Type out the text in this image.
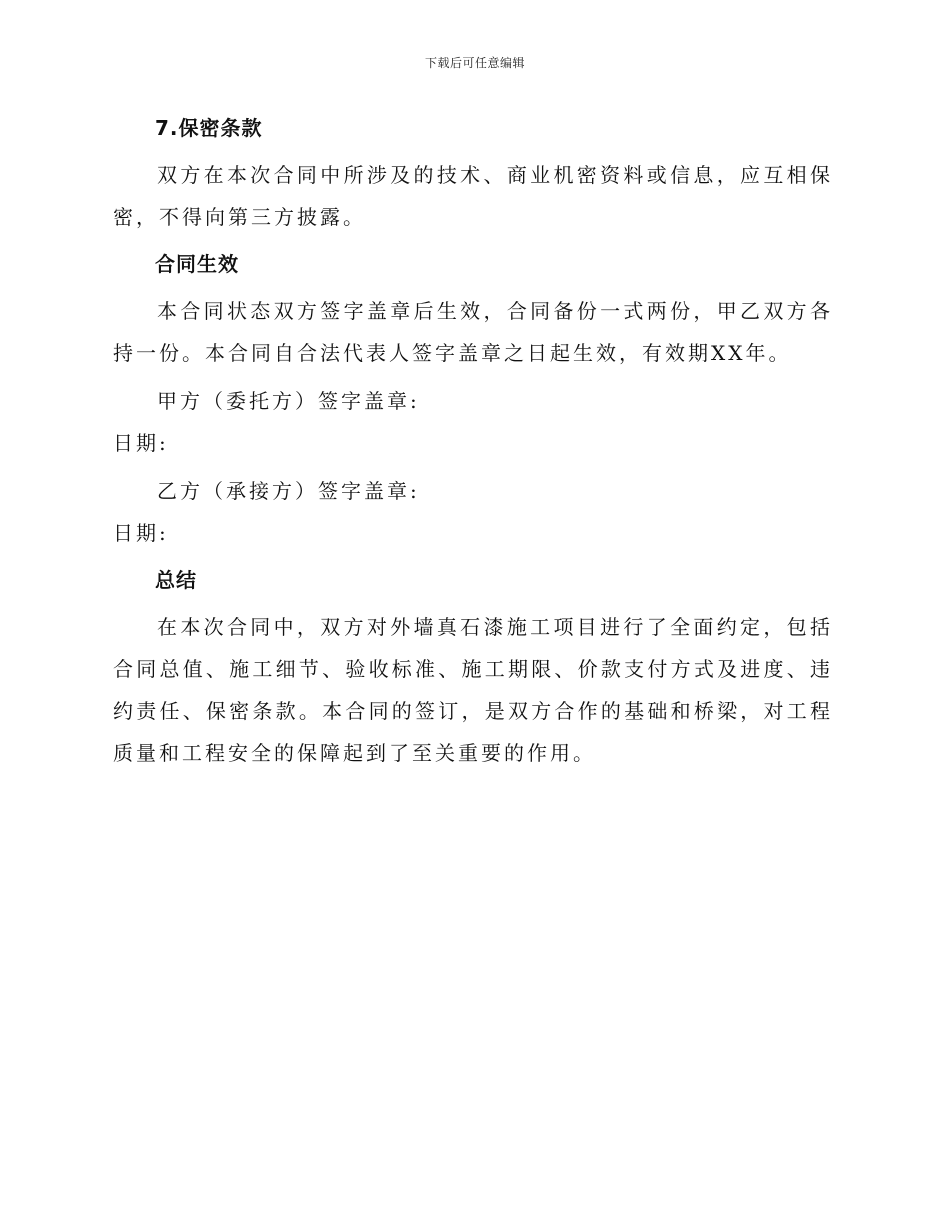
下载后可任意编辑
7.保密条款

双方在本次合同中所涉及的技术、商业机密资料或信息，应互相保密，不得向第三方披露。

合同生效

本合同状态双方签字盖章后生效，合同备份一式两份，甲乙双方各持一份。本合同自合法代表人签字盖章之日起生效，有效期XX年。

甲方（委托方）签字盖章:

日期:

乙方（承接方）签字盖章:

日期:

总结

在本次合同中，双方对外墙真石漆施工项目进行了全面约定，包括合同总值、施工细节、验收标准、施工期限、价款支付方式及进度、违约责任、保密条款。本合同的签订，是双方合作的基础和桥梁，对工程质量和工程安全的保障起到了至关重要的作用。
